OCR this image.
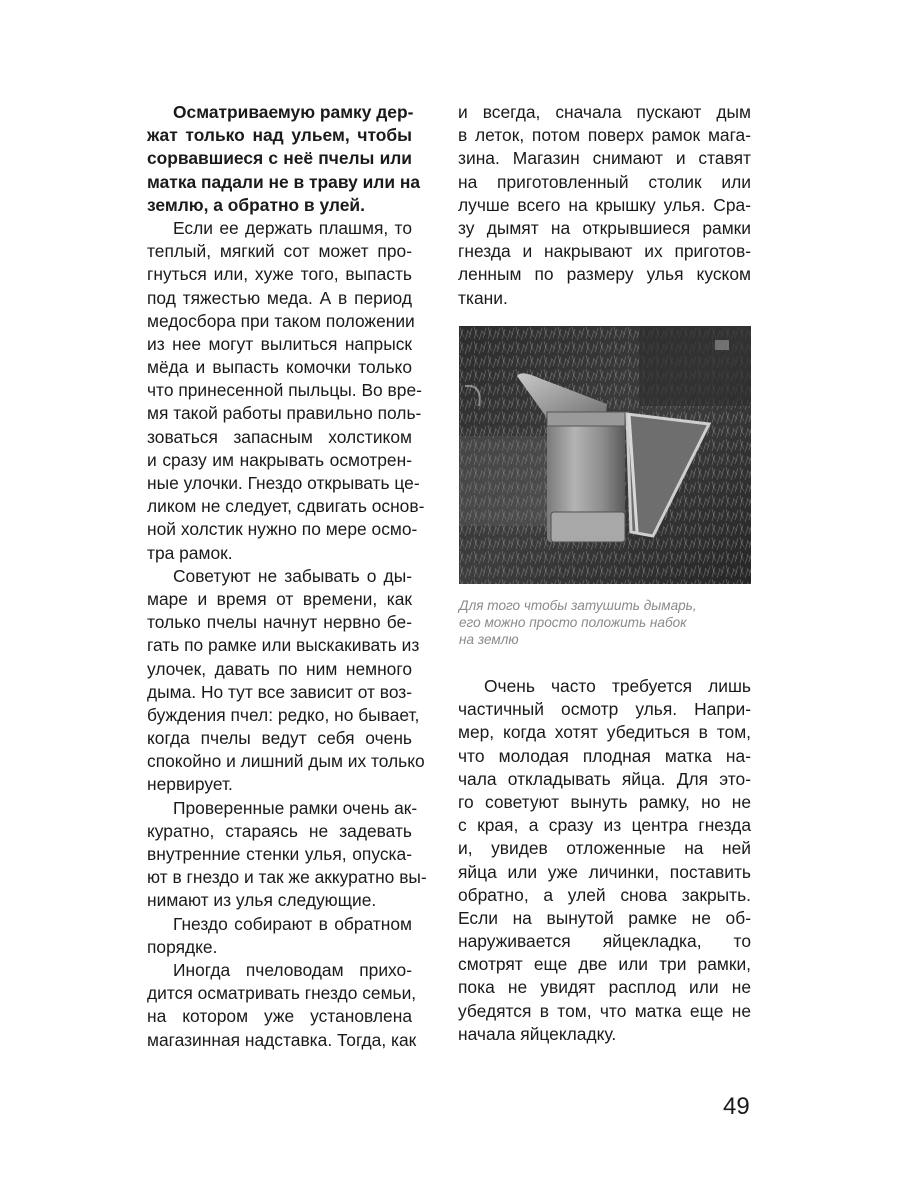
Осматриваемую рамку дер-
жат только над ульем, чтобы
сорвавшиеся с неё пчелы или
матка падали не в траву или на
землю, а обратно в улей.
Если ее держать плашмя, то
теплый, мягкий сот может про-
гнуться или, хуже того, выпасть
под тяжестью меда. А в период
медосбора при таком положении
из нее могут вылиться напрыск
мёда и выпасть комочки только
что принесенной пыльцы. Во вре-
мя такой работы правильно поль-
зоваться запасным холстиком
и сразу им накрывать осмотрен-
ные улочки. Гнездо открывать це-
ликом не следует, сдвигать основ-
ной холстик нужно по мере осмо-
тра рамок.
Советуют не забывать о ды-
маре и время от времени, как
только пчелы начнут нервно бе-
гать по рамке или выскакивать из
улочек, давать по ним немного
дыма. Но тут все зависит от воз-
буждения пчел: редко, но бывает,
когда пчелы ведут себя очень
спокойно и лишний дым их только
нервирует.
Проверенные рамки очень ак-
куратно, стараясь не задевать
внутренние стенки улья, опуска-
ют в гнездо и так же аккуратно вы-
нимают из улья следующие.
Гнездо собирают в обратном
порядке.
Иногда пчеловодам прихо-
дится осматривать гнездо семьи,
на котором уже установлена
магазинная надставка. Тогда, как
и всегда, сначала пускают дым
в леток, потом поверх рамок мага-
зина. Магазин снимают и ставят
на приготовленный столик или
лучше всего на крышку улья. Сра-
зу дымят на открывшиеся рамки
гнезда и накрывают их приготов-
ленным по размеру улья куском
ткани.
Для того чтобы затушить дымарь,
его можно просто положить набок
на землю
Очень часто требуется лишь
частичный осмотр улья. Напри-
мер, когда хотят убедиться в том,
что молодая плодная матка на-
чала откладывать яйца. Для это-
го советуют вынуть рамку, но не
с края, а сразу из центра гнезда
и, увидев отложенные на ней
яйца или уже личинки, поставить
обратно, а улей снова закрыть.
Если на вынутой рамке не об-
наруживается яйцекладка, то
смотрят еще две или три рамки,
пока не увидят расплод или не
убедятся в том, что матка еще не
начала яйцекладку.
49
